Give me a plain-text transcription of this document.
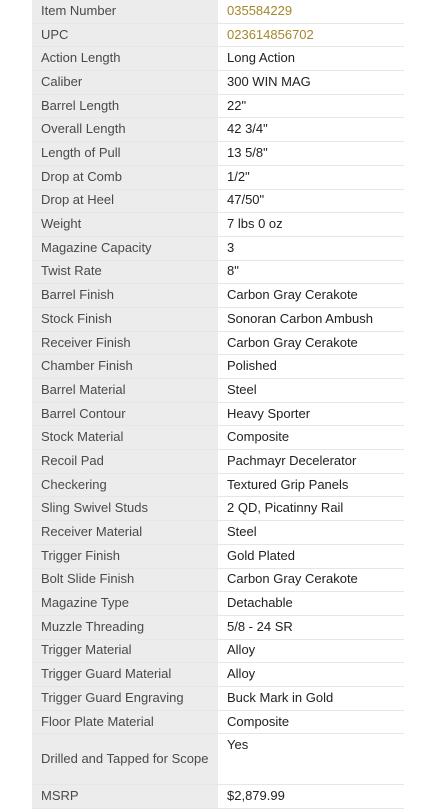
Item Number	035584229
UPC	023614856702
Action Length	Long Action
Caliber	300 WIN MAG
Barrel Length	22"
Overall Length	42 3/4"
Length of Pull	13 5/8"
Drop at Comb	1/2"
Drop at Heel	47/50"
Weight	7 lbs 0 oz
Magazine Capacity	3
Twist Rate	8"
Barrel Finish	Carbon Gray Cerakote
Stock Finish	Sonoran Carbon Ambush
Receiver Finish	Carbon Gray Cerakote
Chamber Finish	Polished
Barrel Material	Steel
Barrel Contour	Heavy Sporter
Stock Material	Composite
Recoil Pad	Pachmayr Decelerator
Checkering	Textured Grip Panels
Sling Swivel Studs	2 QD, Picatinny Rail
Receiver Material	Steel
Trigger Finish	Gold Plated
Bolt Slide Finish	Carbon Gray Cerakote
Magazine Type	Detachable
Muzzle Threading	5/8 - 24 SR
Trigger Material	Alloy
Trigger Guard Material	Alloy
Trigger Guard Engraving	Buck Mark in Gold
Floor Plate Material	Composite
Drilled and Tapped for Scope	Yes
MSRP	$2,879.99
